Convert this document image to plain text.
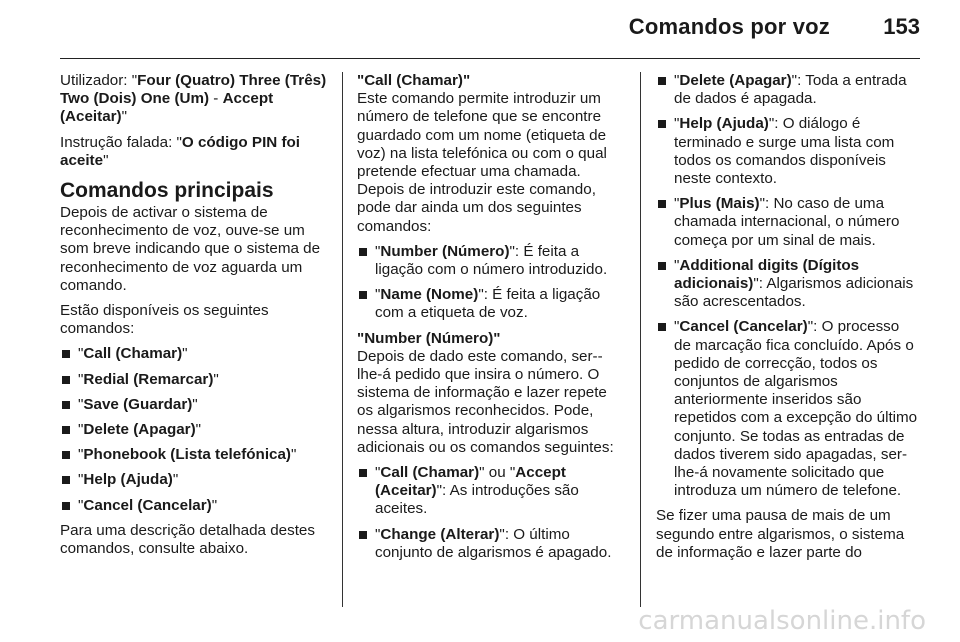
Comandos por voz 153

Utilizador: "Four (Quatro) Three (Três) Two (Dois) One (Um) - Accept (Aceitar)"

Instrução falada: "O código PIN foi aceite"

Comandos principais

Depois de activar o sistema de reconhecimento de voz, ouve-se um som breve indicando que o sistema de reconhecimento de voz aguarda um comando.

Estão disponíveis os seguintes comandos:

"Call (Chamar)"
"Redial (Remarcar)"
"Save (Guardar)"
"Delete (Apagar)"
"Phonebook (Lista telefónica)"
"Help (Ajuda)"
"Cancel (Cancelar)"

Para uma descrição detalhada destes comandos, consulte abaixo.

"Call (Chamar)"

Este comando permite introduzir um número de telefone que se encontre guardado com um nome (etiqueta de voz) na lista telefónica ou com o qual pretende efectuar uma chamada. Depois de introduzir este comando, pode dar ainda um dos seguintes comandos:

"Number (Número)": É feita a ligação com o número introduzido.
"Name (Nome)": É feita a ligação com a etiqueta de voz.

"Number (Número)"

Depois de dado este comando, ser--lhe-á pedido que insira o número. O sistema de informação e lazer repete os algarismos reconhecidos. Pode, nessa altura, introduzir algarismos adicionais ou os comandos seguintes:

"Call (Chamar)" ou "Accept (Aceitar)": As introduções são aceites.
"Change (Alterar)": O último conjunto de algarismos é apagado.
"Delete (Apagar)": Toda a entrada de dados é apagada.
"Help (Ajuda)": O diálogo é terminado e surge uma lista com todos os comandos disponíveis neste contexto.
"Plus (Mais)": No caso de uma chamada internacional, o número começa por um sinal de mais.
"Additional digits (Dígitos adicionais)": Algarismos adicionais são acrescentados.
"Cancel (Cancelar)": O processo de marcação fica concluído. Após o pedido de correcção, todos os conjuntos de algarismos anteriormente inseridos são repetidos com a excepção do último conjunto. Se todas as entradas de dados tiverem sido apagadas, ser-lhe-á novamente solicitado que introduza um número de telefone.

Se fizer uma pausa de mais de um segundo entre algarismos, o sistema de informação e lazer parte do

carmanualsonline.info
